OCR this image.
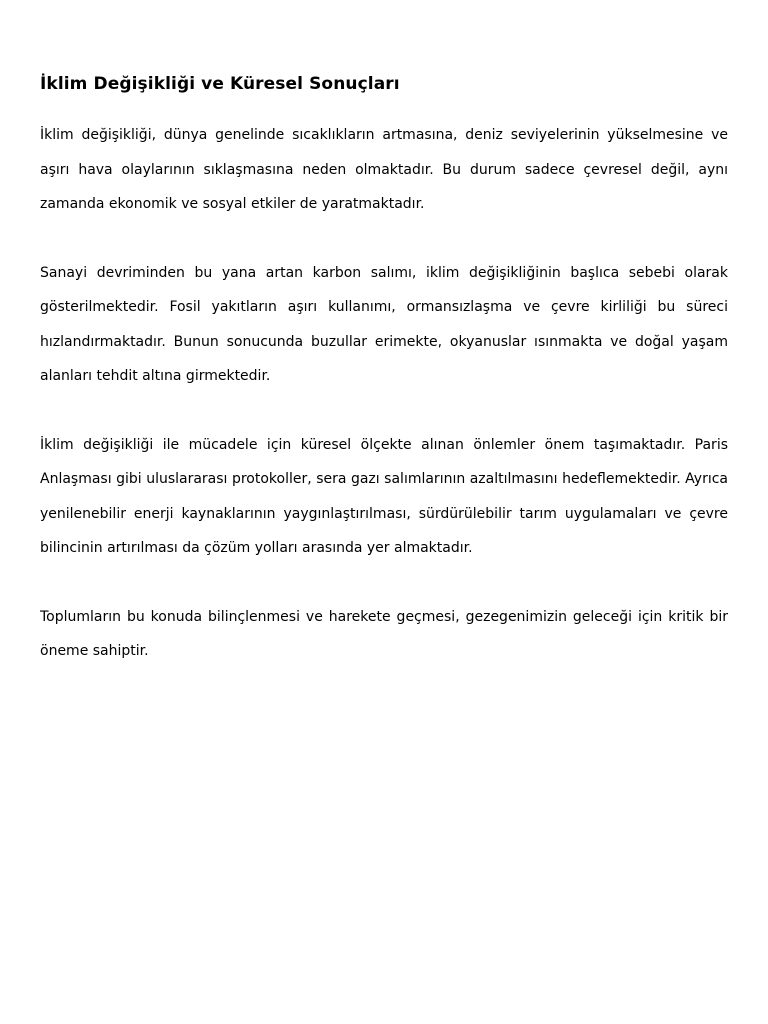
İklim Değişikliği ve Küresel Sonuçları

İklim değişikliği, dünya genelinde sıcaklıkların artmasına, deniz seviyelerinin yükselmesine ve aşırı hava olaylarının sıklaşmasına neden olmaktadır. Bu durum sadece çevresel değil, aynı zamanda ekonomik ve sosyal etkiler de yaratmaktadır.

Sanayi devriminden bu yana artan karbon salımı, iklim değişikliğinin başlıca sebebi olarak gösterilmektedir. Fosil yakıtların aşırı kullanımı, ormansızlaşma ve çevre kirliliği bu süreci hızlandırmaktadır. Bunun sonucunda buzullar erimekte, okyanuslar ısınmakta ve doğal yaşam alanları tehdit altına girmektedir.

İklim değişikliği ile mücadele için küresel ölçekte alınan önlemler önem taşımaktadır. Paris Anlaşması gibi uluslararası protokoller, sera gazı salımlarının azaltılmasını hedeflemektedir. Ayrıca yenilenebilir enerji kaynaklarının yaygınlaştırılması, sürdürülebilir tarım uygulamaları ve çevre bilincinin artırılması da çözüm yolları arasında yer almaktadır.

Toplumların bu konuda bilinçlenmesi ve harekete geçmesi, gezegenimizin geleceği için kritik bir öneme sahiptir.
